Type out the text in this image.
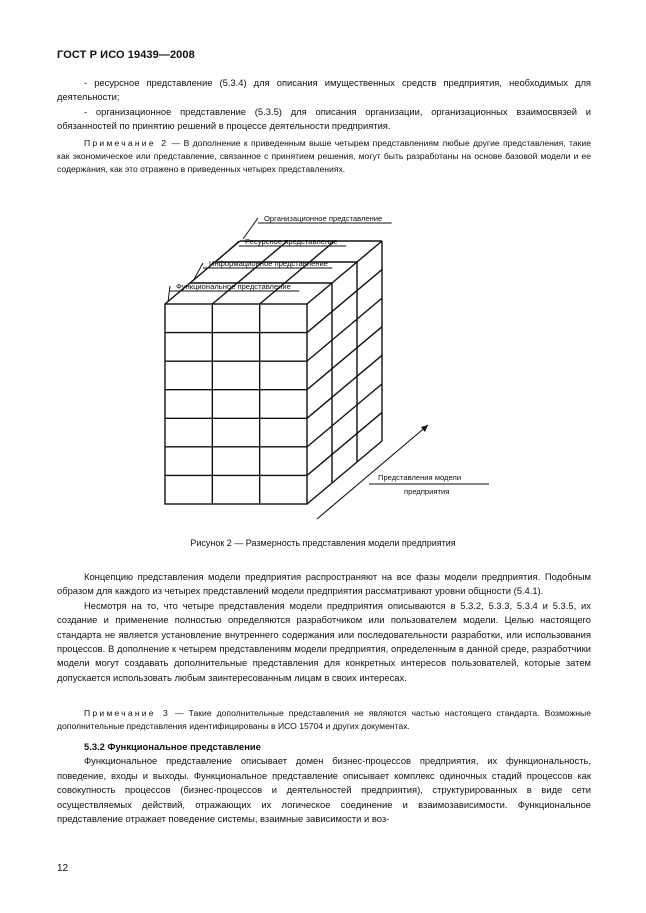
ГОСТ Р ИСО 19439—2008
- ресурсное представление (5.3.4) для описания имущественных средств предприятия, необходимых для деятельности;
- организационное представление (5.3.5) для описания организации, организационных взаимосвязей и обязанностей по принятию решений в процессе деятельности предприятия.
Примечание 2 — В дополнение к приведенным выше четырем представлениям любые другие представления, такие как экономическое или представление, связанное с принятием решения, могут быть разработаны на основе базовой модели и ее содержания, как это отражено в приведенных четырех представлениях.
Организационное представление
Ресурсное представление
Информационное представление
Функциональное представление
Представления модели
предприятия
Рисунок 2 — Размерность представления модели предприятия
Концепцию представления модели предприятия распространяют на все фазы модели предприятия. Подобным образом для каждого из четырех представлений модели предприятия рассматривают уровни общности (5.4.1).
Несмотря на то, что четыре представления модели предприятия описываются в 5.3.2, 5.3.3, 5.3.4 и 5.3.5, их создание и применение полностью определяются разработчиком или пользователем модели. Целью настоящего стандарта не является установление внутреннего содержания или последовательности разработки, или использования процессов. В дополнение к четырем представлениям модели предприятия, определенным в данной среде, разработчики модели могут создавать дополнительные представления для конкретных интересов пользователей, которые затем допускается использовать любым заинтересованным лицам в своих интересах.
Примечание 3 — Такие дополнительные представления не являются частью настоящего стандарта. Возможные дополнительные представления идентифицированы в ИСО 15704 и других документах.
5.3.2 Функциональное представление
Функциональное представление описывает домен бизнес-процессов предприятия, их функциональность, поведение, входы и выходы. Функциональное представление описывает комплекс одиночных стадий процессов как совокупность процессов (бизнес-процессов и деятельностей предприятия), структурированных в виде сети осуществляемых действий, отражающих их логическое соединение и взаимозависимости. Функциональное представление отражает поведение системы, взаимные зависимости и воз-
12
